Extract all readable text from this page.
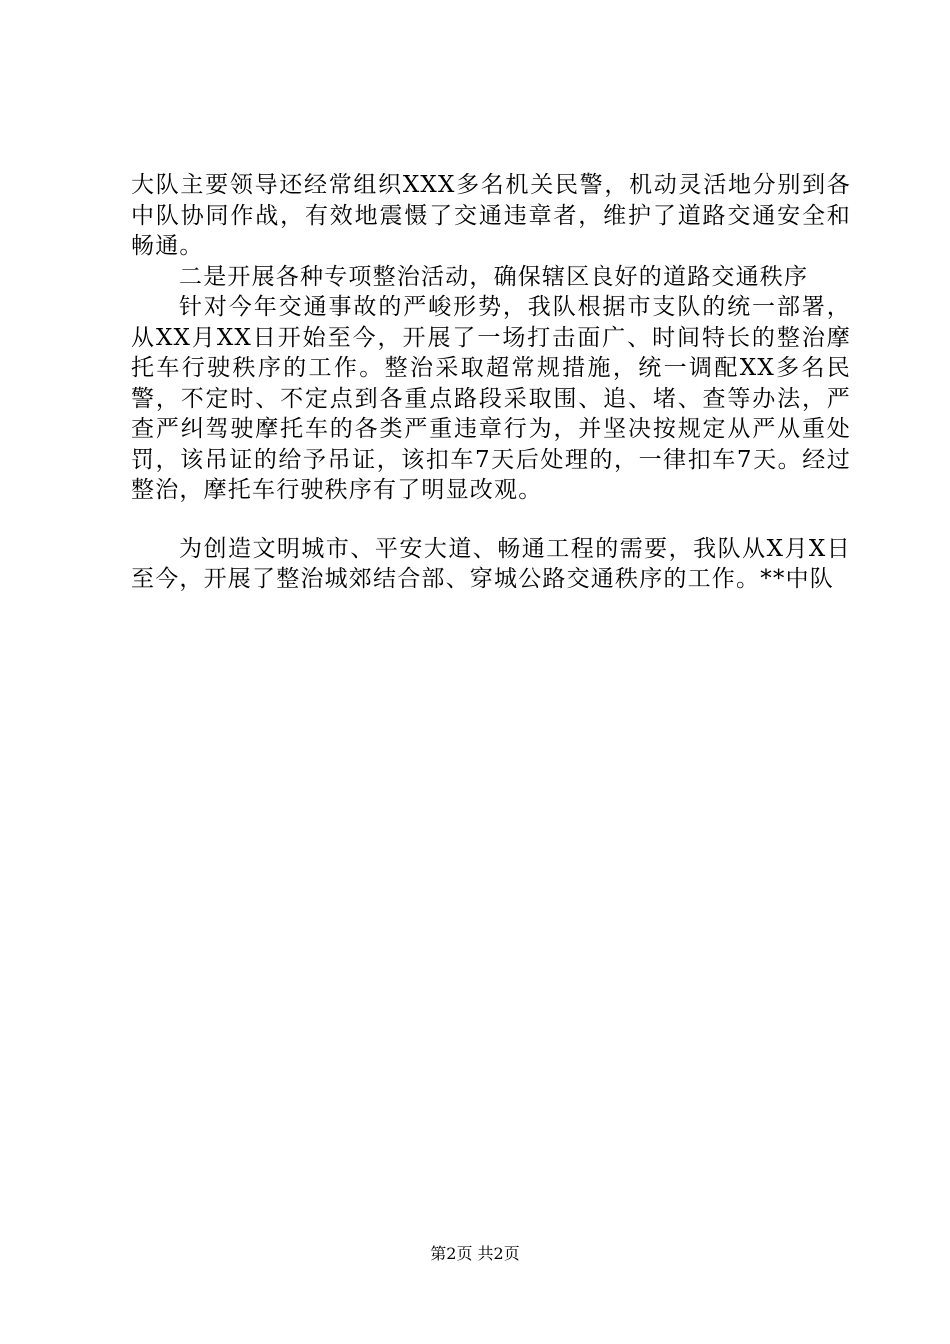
大队主要领导还经常组织XXX多名机关民警，机动灵活地分别到各中队协同作战，有效地震慑了交通违章者，维护了道路交通安全和畅通。

二是开展各种专项整治活动，确保辖区良好的道路交通秩序

针对今年交通事故的严峻形势，我队根据市支队的统一部署，从XX月XX日开始至今，开展了一场打击面广、时间特长的整治摩托车行驶秩序的工作。整治采取超常规措施，统一调配XX多名民警，不定时、不定点到各重点路段采取围、追、堵、查等办法，严查严纠驾驶摩托车的各类严重违章行为，并坚决按规定从严从重处罚，该吊证的给予吊证，该扣车7天后处理的，一律扣车7天。经过整治，摩托车行驶秩序有了明显改观。

为创造文明城市、平安大道、畅通工程的需要，我队从X月X日至今，开展了整治城郊结合部、穿城公路交通秩序的工作。**中队

第2页 共2页
